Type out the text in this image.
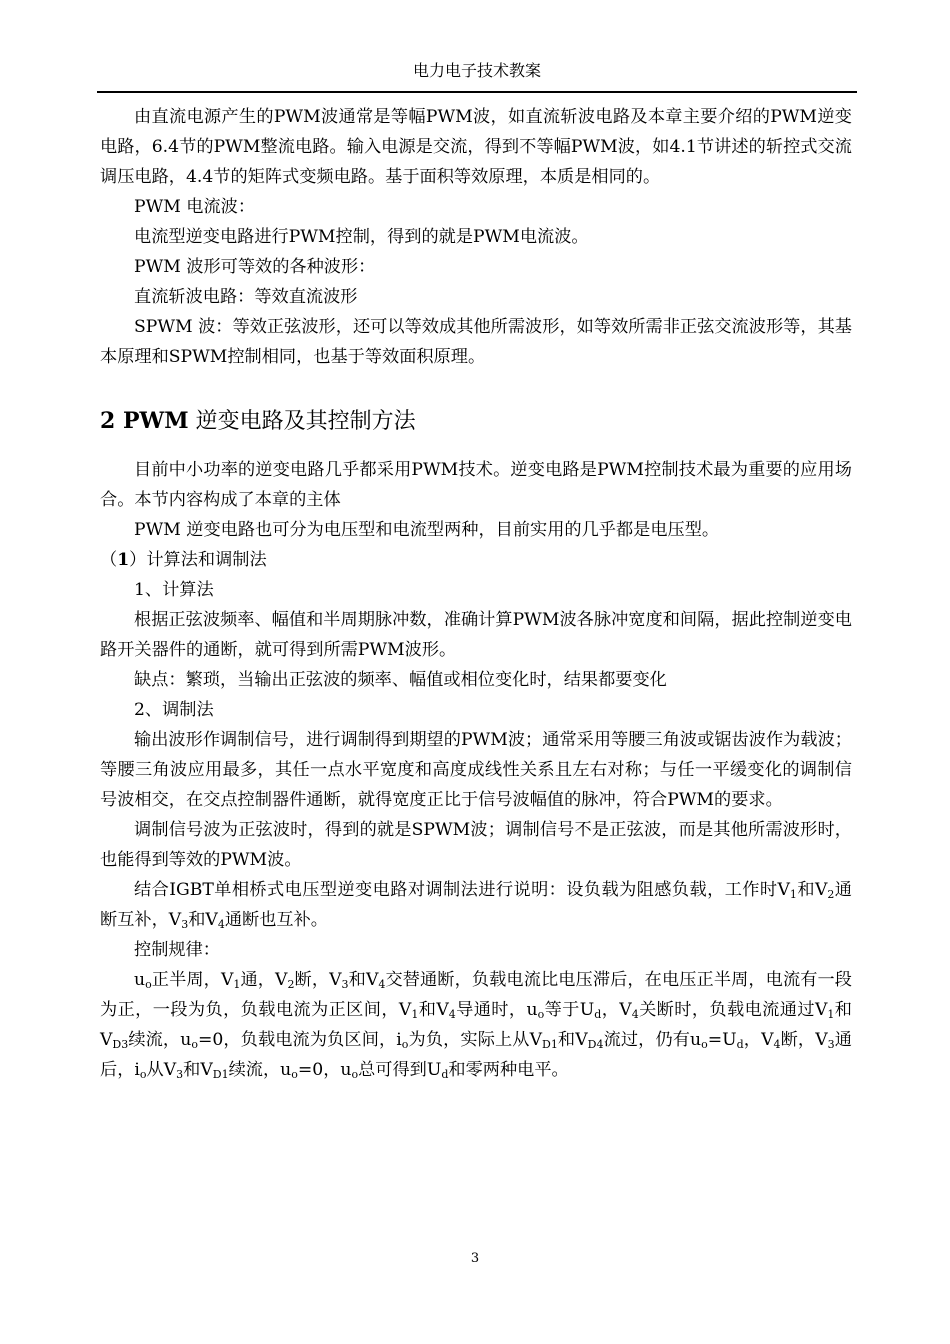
电力电子技术教案

由直流电源产生的PWM波通常是等幅PWM波，如直流斩波电路及本章主要介绍的PWM逆变电路，6.4节的PWM整流电路。输入电源是交流，得到不等幅PWM波，如4.1节讲述的斩控式交流调压电路，4.4节的矩阵式变频电路。基于面积等效原理，本质是相同的。

PWM 电流波：

电流型逆变电路进行PWM控制，得到的就是PWM电流波。

PWM 波形可等效的各种波形：

直流斩波电路：等效直流波形

SPWM 波：等效正弦波形，还可以等效成其他所需波形，如等效所需非正弦交流波形等，其基本原理和SPWM控制相同，也基于等效面积原理。

2 PWM 逆变电路及其控制方法

目前中小功率的逆变电路几乎都采用PWM技术。逆变电路是PWM控制技术最为重要的应用场合。本节内容构成了本章的主体

PWM 逆变电路也可分为电压型和电流型两种，目前实用的几乎都是电压型。

（1）计算法和调制法

1、计算法

根据正弦波频率、幅值和半周期脉冲数，准确计算PWM波各脉冲宽度和间隔，据此控制逆变电路开关器件的通断，就可得到所需PWM波形。

缺点：繁琐，当输出正弦波的频率、幅值或相位变化时，结果都要变化

2、调制法

输出波形作调制信号，进行调制得到期望的PWM波；通常采用等腰三角波或锯齿波作为载波；等腰三角波应用最多，其任一点水平宽度和高度成线性关系且左右对称；与任一平缓变化的调制信号波相交，在交点控制器件通断，就得宽度正比于信号波幅值的脉冲，符合PWM的要求。

调制信号波为正弦波时，得到的就是SPWM波；调制信号不是正弦波，而是其他所需波形时，也能得到等效的PWM波。

结合IGBT单相桥式电压型逆变电路对调制法进行说明：设负载为阻感负载，工作时$V_1$和$V_2$通断互补，$V_3$和$V_4$通断也互补。

控制规律：

$u_o$正半周，$V_1$通，$V_2$断，$V_3$和$V_4$交替通断，负载电流比电压滞后，在电压正半周，电流有一段为正，一段为负，负载电流为正区间，$V_1$和$V_4$导通时，$u_o$等于$U_d$，$V_4$关断时，负载电流通过$V_1$和$V_{D3}$续流，$u_o=0$，负载电流为负区间，$i_o$为负，实际上从$V_{D1}$和$V_{D4}$流过，仍有$u_o=U_d$，$V_4$断，$V_3$通后，$i_o$从$V_3$和$V_{D1}$续流，$u_o=0$，$u_o$总可得到$U_d$和零两种电平。

3
